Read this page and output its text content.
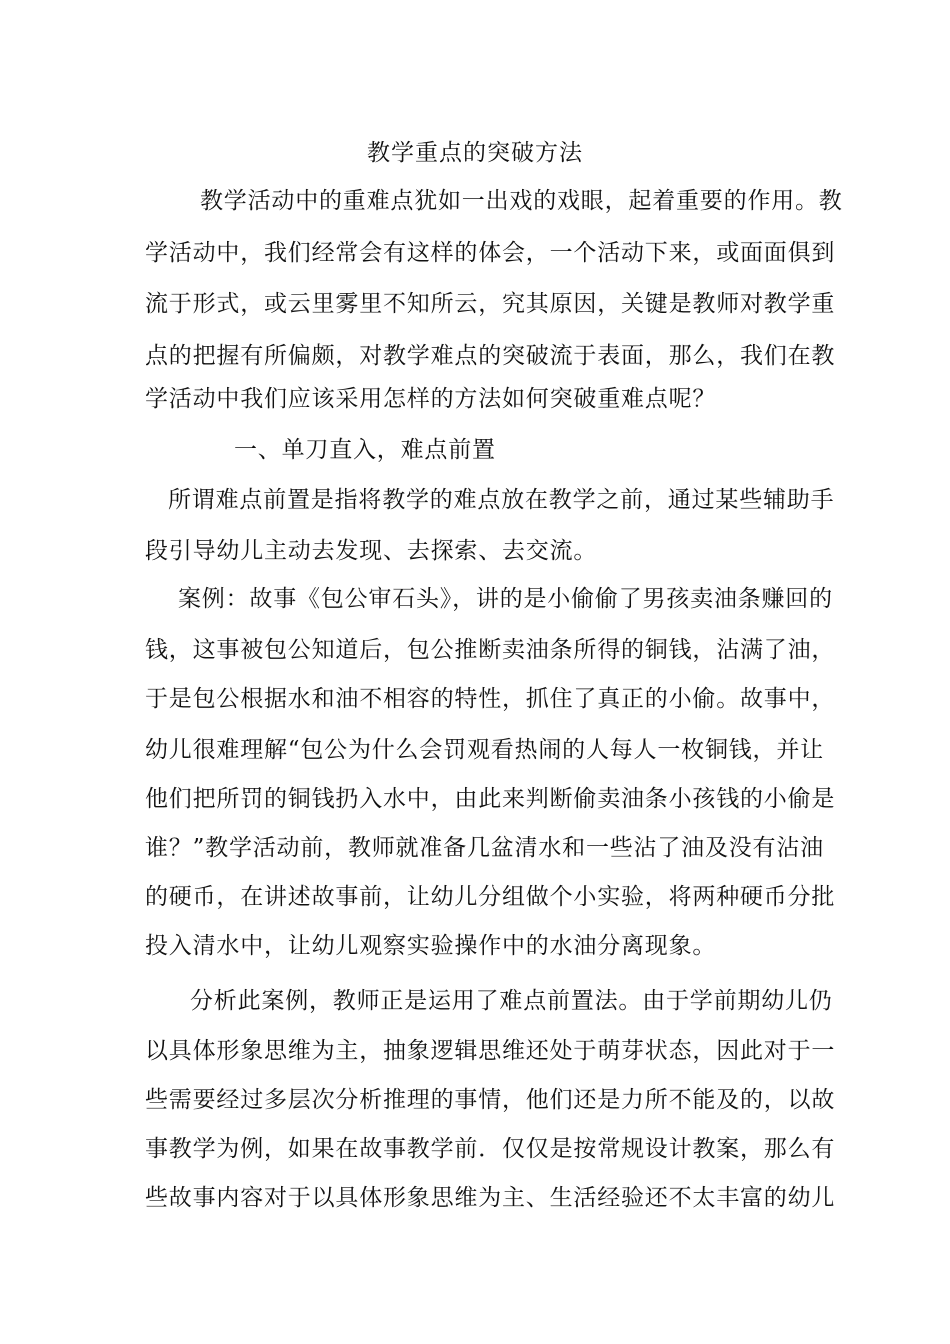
教学重点的突破方法
教学活动中的重难点犹如一出戏的戏眼，起着重要的作用。教
学活动中，我们经常会有这样的体会，一个活动下来，或面面俱到
流于形式，或云里雾里不知所云，究其原因，关键是教师对教学重
点的把握有所偏颇，对教学难点的突破流于表面，那么，我们在教
学活动中我们应该采用怎样的方法如何突破重难点呢？
一、单刀直入，难点前置
所谓难点前置是指将教学的难点放在教学之前，通过某些辅助手
段引导幼儿主动去发现、去探索、去交流。
案例：故事《包公审石头》，讲的是小偷偷了男孩卖油条赚回的
钱，这事被包公知道后，包公推断卖油条所得的铜钱，沾满了油，
于是包公根据水和油不相容的特性，抓住了真正的小偷。故事中，
幼儿很难理解“包公为什么会罚观看热闹的人每人一枚铜钱，并让
他们把所罚的铜钱扔入水中，由此来判断偷卖油条小孩钱的小偷是
谁？”教学活动前，教师就准备几盆清水和一些沾了油及没有沾油
的硬币，在讲述故事前，让幼儿分组做个小实验，将两种硬币分批
投入清水中，让幼儿观察实验操作中的水油分离现象。
分析此案例，教师正是运用了难点前置法。由于学前期幼儿仍
以具体形象思维为主，抽象逻辑思维还处于萌芽状态，因此对于一
些需要经过多层次分析推理的事情，他们还是力所不能及的，以故
事教学为例，如果在故事教学前．仅仅是按常规设计教案，那么有
些故事内容对于以具体形象思维为主、生活经验还不太丰富的幼儿
